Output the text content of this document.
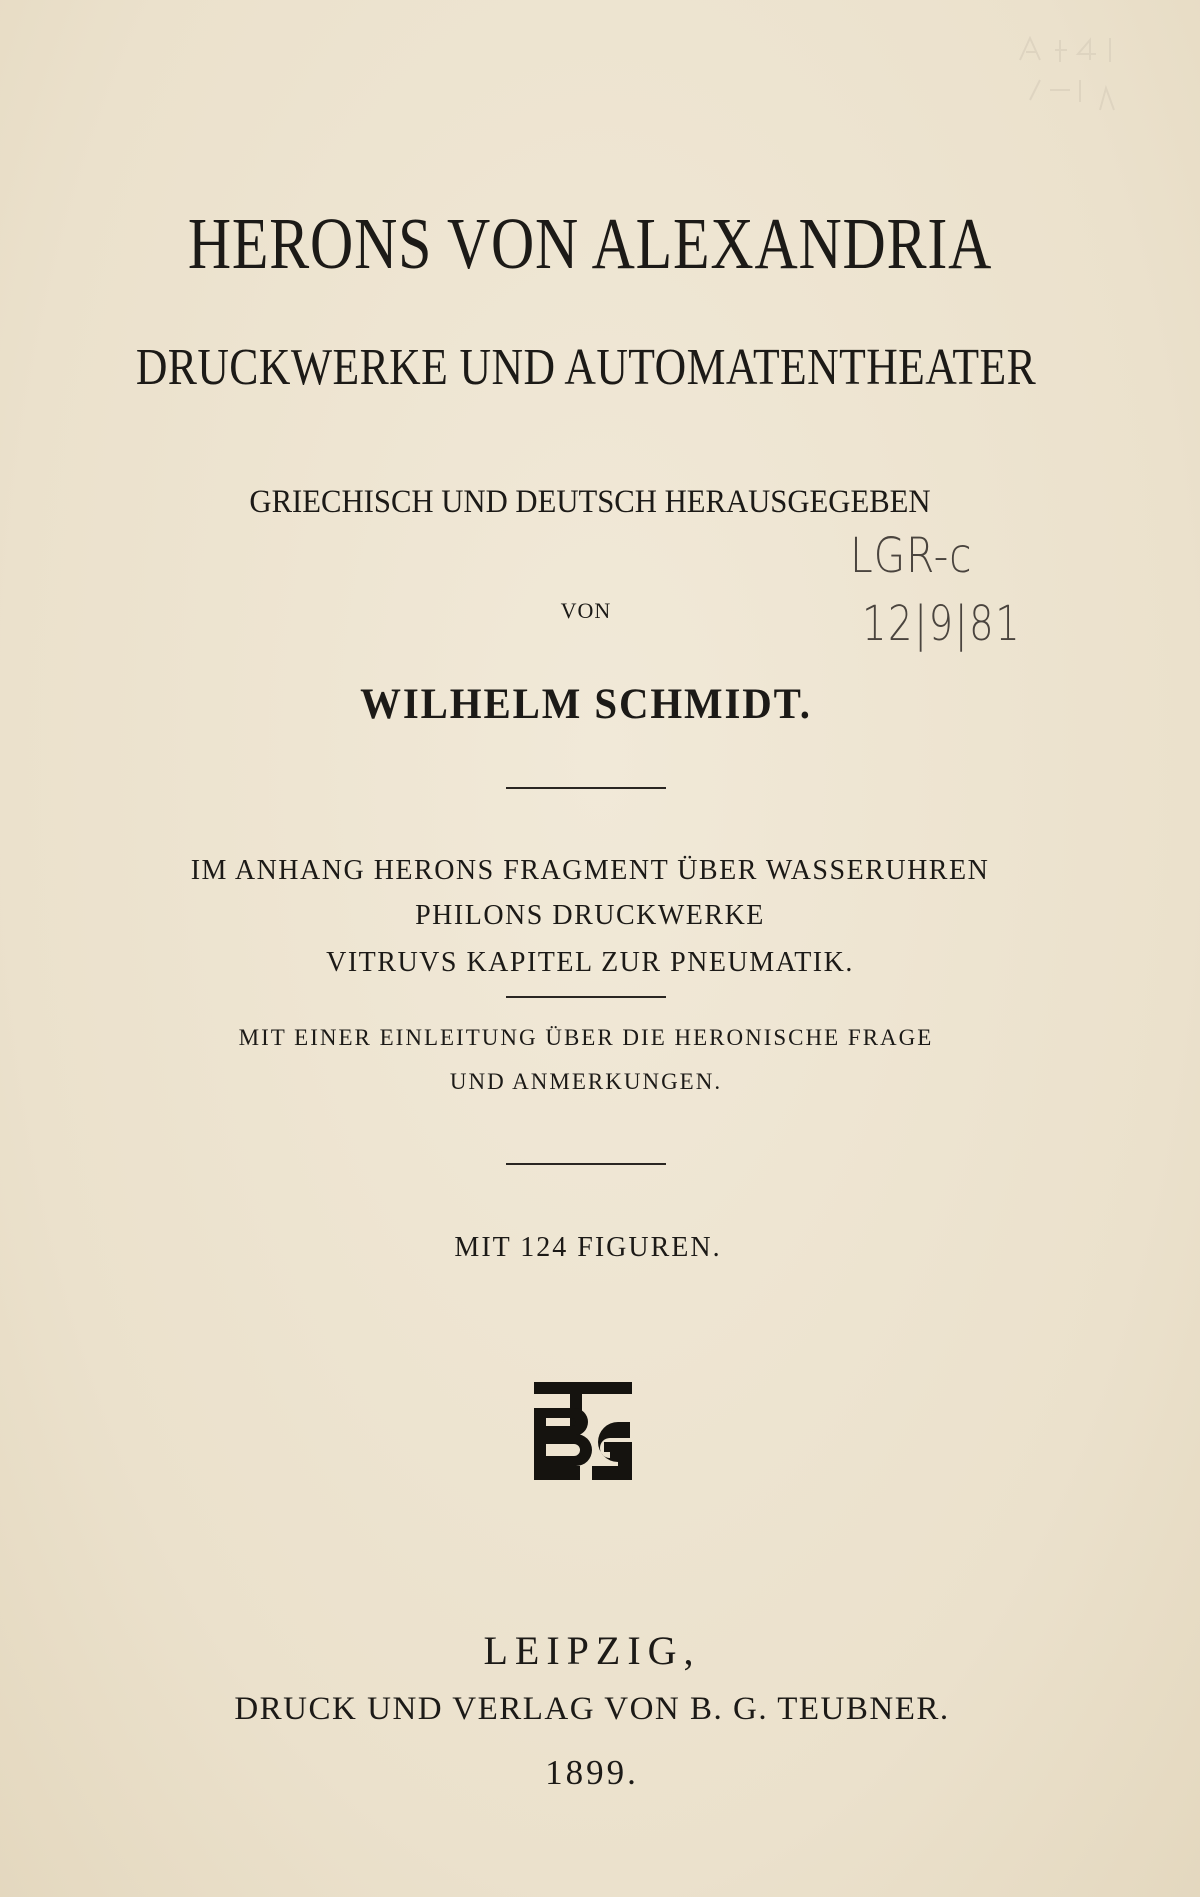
HERONS VON ALEXANDRIA
DRUCKWERKE UND AUTOMATENTHEATER
GRIECHISCH UND DEUTSCH HERAUSGEGEBEN
VON
WILHELM SCHMIDT.
LGR-c
12|9|81
IM ANHANG HERONS FRAGMENT ÜBER WASSERUHREN
PHILONS DRUCKWERKE
VITRUVS KAPITEL ZUR PNEUMATIK.
MIT EINER EINLEITUNG ÜBER DIE HERONISCHE FRAGE
UND ANMERKUNGEN.
MIT 124 FIGUREN.
LEIPZIG,
DRUCK UND VERLAG VON B. G. TEUBNER.
1899.
